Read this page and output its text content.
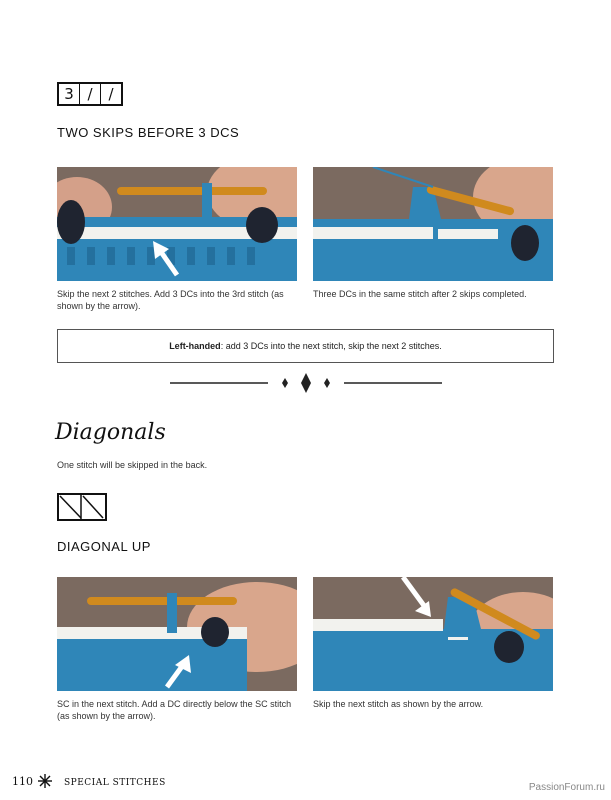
3 /	/
TWO SKIPS BEFORE 3 DCS
Skip the next 2 stitches. Add 3 DCs into the 3rd stitch (as shown by the arrow).
Three DCs in the same stitch after 2 skips completed.
Left-handed: add 3 DCs into the next stitch, skip the next 2 stitches.
Diagonals
One stitch will be skipped in the back.
DIAGONAL UP
SC in the next stitch. Add a DC directly below the SC stitch (as shown by the arrow).
Skip the next stitch as shown by the arrow.
110	SPECIAL STITCHES	PassionForum.ru
